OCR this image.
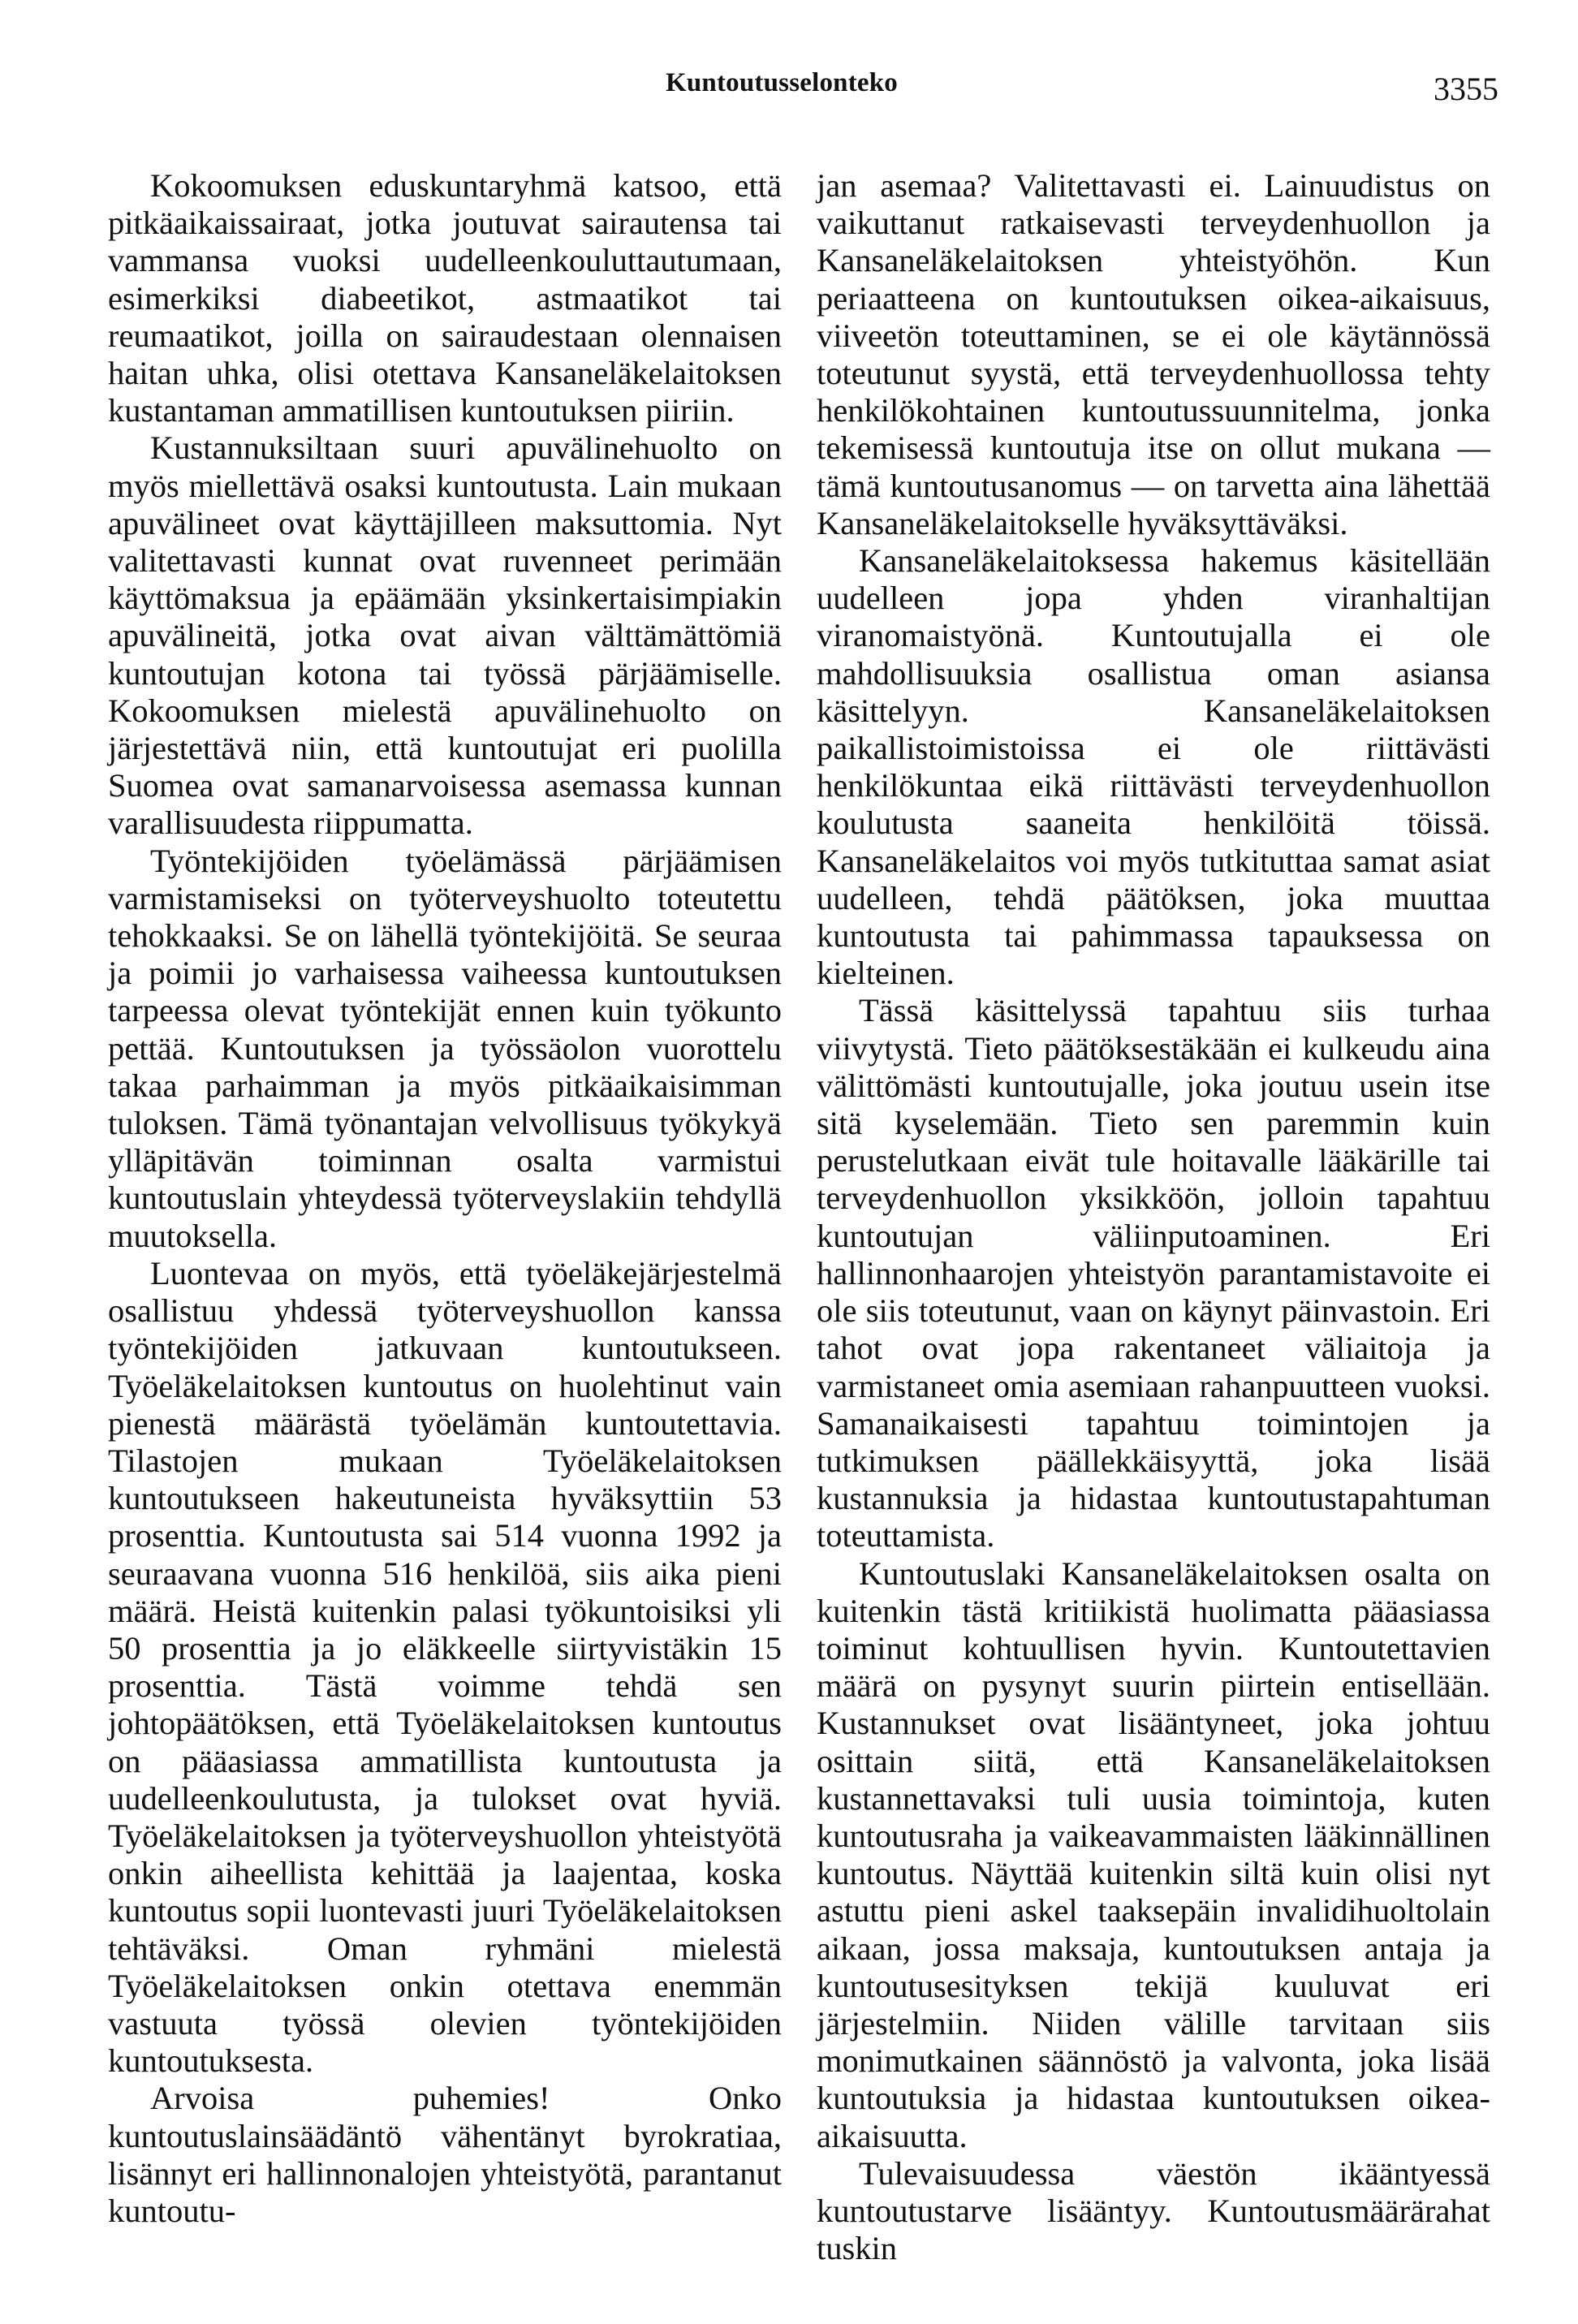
Kuntoutusselonteko	3355

Kokoomuksen eduskuntaryhmä katsoo, että pitkäaikaissairaat, jotka joutuvat sairautensa tai vammansa vuoksi uudelleenkouluttautumaan, esimerkiksi diabeetikot, astmaatikot tai reumaatikot, joilla on sairaudestaan olennaisen haitan uhka, olisi otettava Kansaneläkelaitoksen kustantaman ammatillisen kuntoutuksen piiriin.

Kustannuksiltaan suuri apuvälinehuolto on myös miellettävä osaksi kuntoutusta. Lain mukaan apuvälineet ovat käyttäjilleen maksuttomia. Nyt valitettavasti kunnat ovat ruvenneet perimään käyttömaksua ja epäämään yksinkertaisimpiakin apuvälineitä, jotka ovat aivan välttämättömiä kuntoutujan kotona tai työssä pärjäämiselle. Kokoomuksen mielestä apuvälinehuolto on järjestettävä niin, että kuntoutujat eri puolilla Suomea ovat samanarvoisessa asemassa kunnan varallisuudesta riippumatta.

Työntekijöiden työelämässä pärjäämisen varmistamiseksi on työterveyshuolto toteutettu tehokkaaksi. Se on lähellä työntekijöitä. Se seuraa ja poimii jo varhaisessa vaiheessa kuntoutuksen tarpeessa olevat työntekijät ennen kuin työkunto pettää. Kuntoutuksen ja työssäolon vuorottelu takaa parhaimman ja myös pitkäaikaisimman tuloksen. Tämä työnantajan velvollisuus työkykyä ylläpitävän toiminnan osalta varmistui kuntoutuslain yhteydessä työterveyslakiin tehdyllä muutoksella.

Luontevaa on myös, että työeläkejärjestelmä osallistuu yhdessä työterveyshuollon kanssa työntekijöiden jatkuvaan kuntoutukseen. Työeläkelaitoksen kuntoutus on huolehtinut vain pienestä määrästä työelämän kuntoutettavia. Tilastojen mukaan Työeläkelaitoksen kuntoutukseen hakeutuneista hyväksyttiin 53 prosenttia. Kuntoutusta sai 514 vuonna 1992 ja seuraavana vuonna 516 henkilöä, siis aika pieni määrä. Heistä kuitenkin palasi työkuntoisiksi yli 50 prosenttia ja jo eläkkeelle siirtyvistäkin 15 prosenttia. Tästä voimme tehdä sen johtopäätöksen, että Työeläkelaitoksen kuntoutus on pääasiassa ammatillista kuntoutusta ja uudelleenkoulutusta, ja tulokset ovat hyviä. Työeläkelaitoksen ja työterveyshuollon yhteistyötä onkin aiheellista kehittää ja laajentaa, koska kuntoutus sopii luontevasti juuri Työeläkelaitoksen tehtäväksi. Oman ryhmäni mielestä Työeläkelaitoksen onkin otettava enemmän vastuuta työssä olevien työntekijöiden kuntoutuksesta.

Arvoisa puhemies! Onko kuntoutuslainsäädäntö vähentänyt byrokratiaa, lisännyt eri hallinnonalojen yhteistyötä, parantanut kuntoutu-

jan asemaa? Valitettavasti ei. Lainuudistus on vaikuttanut ratkaisevasti terveydenhuollon ja Kansaneläkelaitoksen yhteistyöhön. Kun periaatteena on kuntoutuksen oikea-aikaisuus, viiveetön toteuttaminen, se ei ole käytännössä toteutunut syystä, että terveydenhuollossa tehty henkilökohtainen kuntoutussuunnitelma, jonka tekemisessä kuntoutuja itse on ollut mukana — tämä kuntoutusanomus — on tarvetta aina lähettää Kansaneläkelaitokselle hyväksyttäväksi.

Kansaneläkelaitoksessa hakemus käsitellään uudelleen jopa yhden viranhaltijan viranomaistyönä. Kuntoutujalla ei ole mahdollisuuksia osallistua oman asiansa käsittelyyn. Kansaneläkelaitoksen paikallistoimistoissa ei ole riittävästi henkilökuntaa eikä riittävästi terveydenhuollon koulutusta saaneita henkilöitä töissä. Kansaneläkelaitos voi myös tutkituttaa samat asiat uudelleen, tehdä päätöksen, joka muuttaa kuntoutusta tai pahimmassa tapauksessa on kielteinen.

Tässä käsittelyssä tapahtuu siis turhaa viivytystä. Tieto päätöksestäkään ei kulkeudu aina välittömästi kuntoutujalle, joka joutuu usein itse sitä kyselemään. Tieto sen paremmin kuin perustelutkaan eivät tule hoitavalle lääkärille tai terveydenhuollon yksikköön, jolloin tapahtuu kuntoutujan väliinputoaminen. Eri hallinnonhaarojen yhteistyön parantamistavoite ei ole siis toteutunut, vaan on käynyt päinvastoin. Eri tahot ovat jopa rakentaneet väliaitoja ja varmistaneet omia asemiaan rahanpuutteen vuoksi. Samanaikaisesti tapahtuu toimintojen ja tutkimuksen päällekkäisyyttä, joka lisää kustannuksia ja hidastaa kuntoutustapahtuman toteuttamista.

Kuntoutuslaki Kansaneläkelaitoksen osalta on kuitenkin tästä kritiikistä huolimatta pääasiassa toiminut kohtuullisen hyvin. Kuntoutettavien määrä on pysynyt suurin piirtein entisellään. Kustannukset ovat lisääntyneet, joka johtuu osittain siitä, että Kansaneläkelaitoksen kustannettavaksi tuli uusia toimintoja, kuten kuntoutusraha ja vaikeavammaisten lääkinnällinen kuntoutus. Näyttää kuitenkin siltä kuin olisi nyt astuttu pieni askel taaksepäin invalidihuoltolain aikaan, jossa maksaja, kuntoutuksen antaja ja kuntoutusesityksen tekijä kuuluvat eri järjestelmiin. Niiden välille tarvitaan siis monimutkainen säännöstö ja valvonta, joka lisää kuntoutuksia ja hidastaa kuntoutuksen oikea-aikaisuutta.

Tulevaisuudessa väestön ikääntyessä kuntoutustarve lisääntyy. Kuntoutusmäärärahat tuskin
